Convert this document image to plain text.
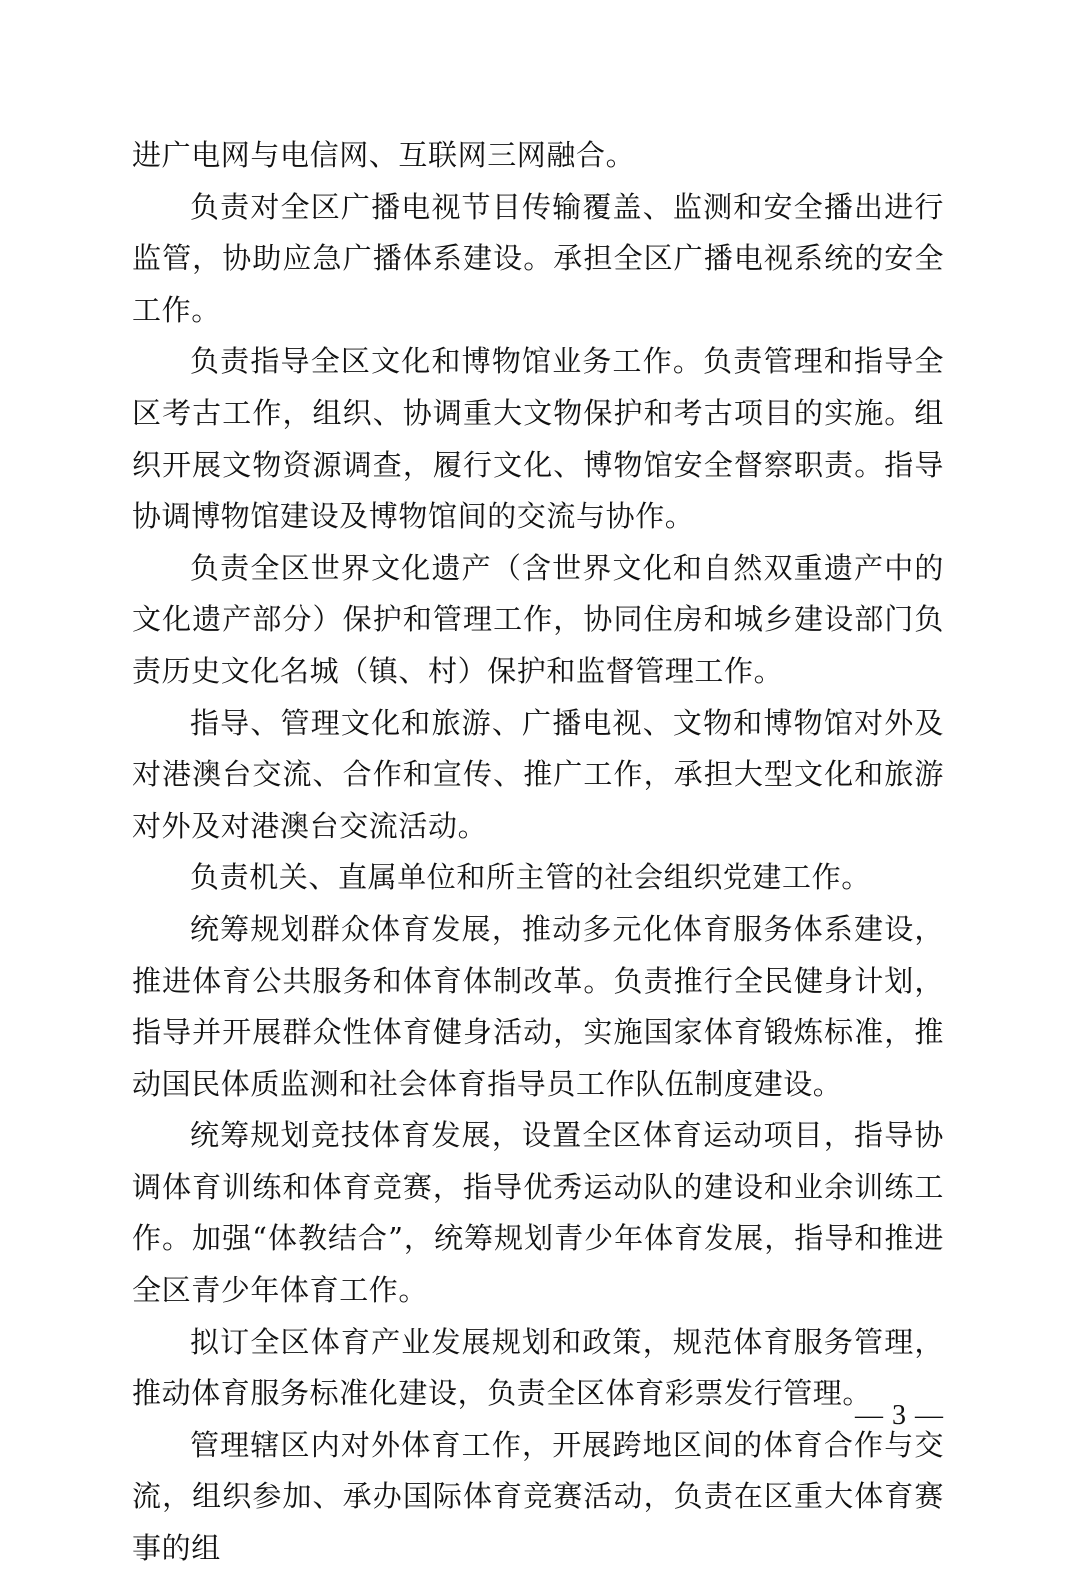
进广电网与电信网、互联网三网融合。

负责对全区广播电视节目传输覆盖、监测和安全播出进行监管，协助应急广播体系建设。承担全区广播电视系统的安全工作。

负责指导全区文化和博物馆业务工作。负责管理和指导全区考古工作，组织、协调重大文物保护和考古项目的实施。组织开展文物资源调查，履行文化、博物馆安全督察职责。指导协调博物馆建设及博物馆间的交流与协作。

负责全区世界文化遗产（含世界文化和自然双重遗产中的文化遗产部分）保护和管理工作，协同住房和城乡建设部门负责历史文化名城（镇、村）保护和监督管理工作。

指导、管理文化和旅游、广播电视、文物和博物馆对外及对港澳台交流、合作和宣传、推广工作，承担大型文化和旅游对外及对港澳台交流活动。

负责机关、直属单位和所主管的社会组织党建工作。

统筹规划群众体育发展，推动多元化体育服务体系建设，推进体育公共服务和体育体制改革。负责推行全民健身计划，指导并开展群众性体育健身活动，实施国家体育锻炼标准，推动国民体质监测和社会体育指导员工作队伍制度建设。

统筹规划竞技体育发展，设置全区体育运动项目，指导协调体育训练和体育竞赛，指导优秀运动队的建设和业余训练工作。加强“体教结合”，统筹规划青少年体育发展，指导和推进全区青少年体育工作。

拟订全区体育产业发展规划和政策，规范体育服务管理，推动体育服务标准化建设，负责全区体育彩票发行管理。

管理辖区内对外体育工作，开展跨地区间的体育合作与交流，组织参加、承办国际体育竞赛活动，负责在区重大体育赛事的组

— 3 —
